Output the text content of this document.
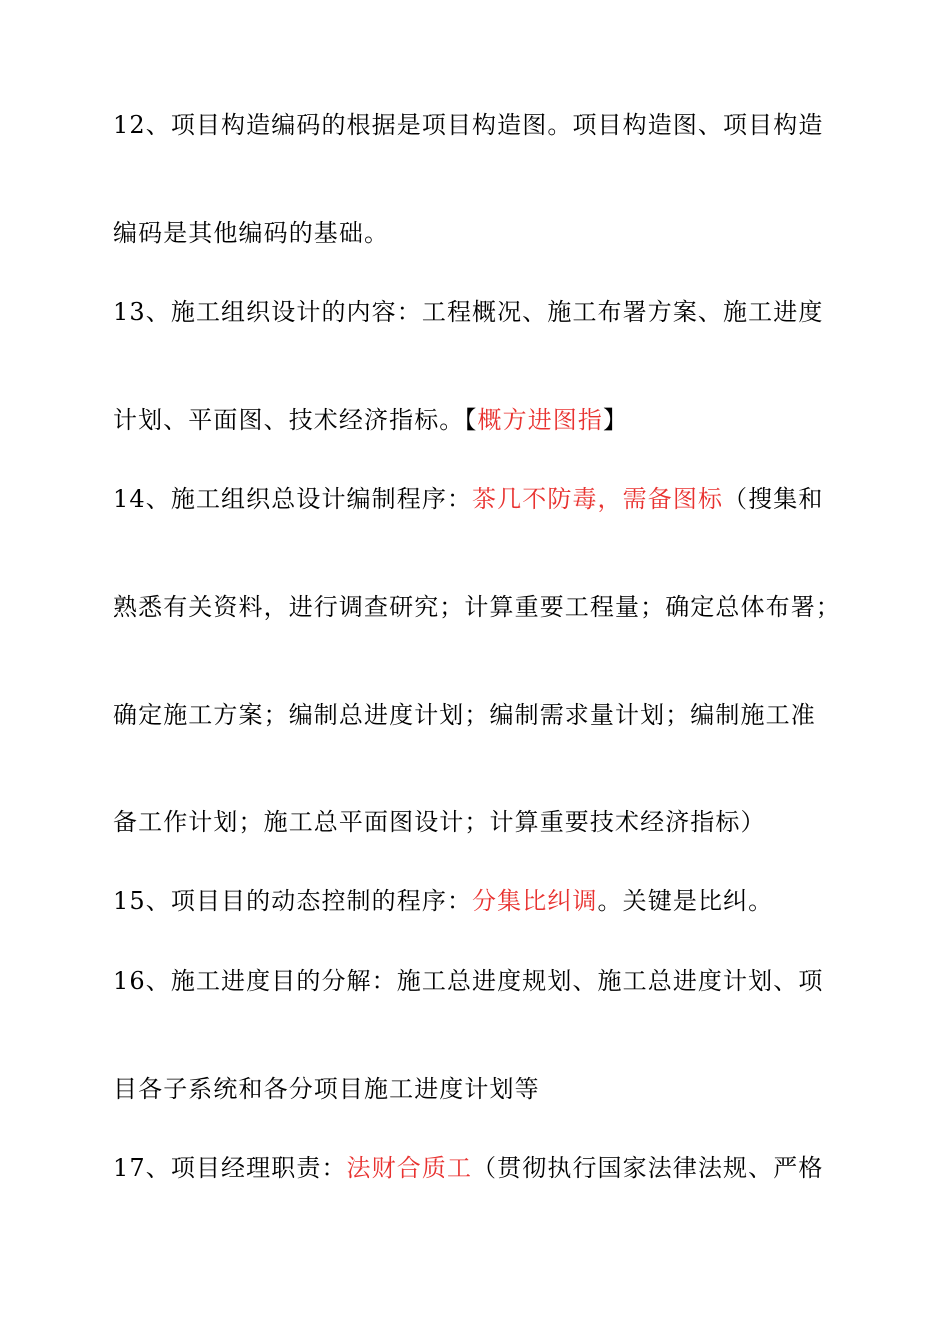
12、项目构造编码的根据是项目构造图。项目构造图、项目构造
编码是其他编码的基础。
13、施工组织设计的内容：工程概况、施工布署方案、施工进度
计划、平面图、技术经济指标。【概方进图指】
14、施工组织总设计编制程序：茶几不防毒，需备图标（搜集和
熟悉有关资料，进行调查研究；计算重要工程量；确定总体布署；
确定施工方案；编制总进度计划；编制需求量计划；编制施工准
备工作计划；施工总平面图设计；计算重要技术经济指标）
15、项目目的动态控制的程序：分集比纠调。关键是比纠。
16、施工进度目的分解：施工总进度规划、施工总进度计划、项
目各子系统和各分项目施工进度计划等
17、项目经理职责：法财合质工（贯彻执行国家法律法规、严格
